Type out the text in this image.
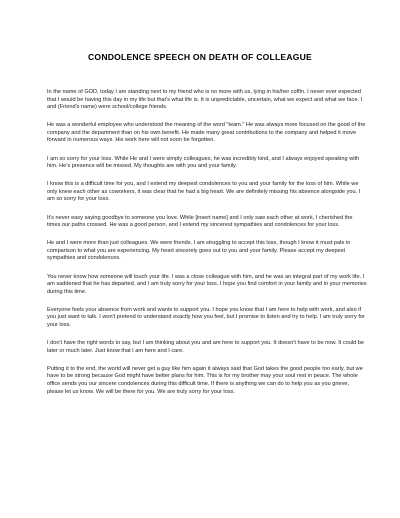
CONDOLENCE SPEECH ON DEATH OF COLLEAGUE

In the name of GOD, today I am standing next to my friend who is no more with us, lying in his/her coffin. I never ever expected that I would be having this day in my life but that's what life is. It is unpredictable, uncertain, what we expect and what we face. I and (Friend's name) were school/college friends.

He was a wonderful employee who understood the meaning of the word "team." He was always more focused on the good of the company and the department than on his own benefit. He made many great contributions to the company and helped it move forward in numerous ways. His work here will not soon be forgotten.

I am so sorry for your loss. While He and I were simply colleagues, he was incredibly kind, and I always enjoyed speaking with him. He's presence will be missed. My thoughts are with you and your family.

I know this is a difficult time for you, and I extend my deepest condolences to you and your family for the loss of him. While we only knew each other as coworkers, it was clear that he had a big heart. We are definitely missing his absence alongside you. I am so sorry for your loss.

It's never easy saying goodbye to someone you love. While [insert name] and I only saw each other at work, I cherished the times our paths crossed. He was a good person, and I extend my sincerest sympathies and condolences for your loss.

He and I were more than just colleagues. We were friends. I am struggling to accept this loss, though I know it must pale in comparison to what you are experiencing. My heart sincerely goes out to you and your family. Please accept my deepest sympathies and condolences.

You never know how someone will touch your life. I was a close colleague with him, and he was an integral part of my work life. I am saddened that he has departed, and I am truly sorry for your loss. I hope you find comfort in your family and in your memories during this time.

Everyone feels your absence from work and wants to support you. I hope you know that I am here to help with work, and also if you just want to talk. I won't pretend to understand exactly how you feel, but I promise to listen and try to help. I am truly sorry for your loss.

I don't have the right words to say, but I am thinking about you and am here to support you. It doesn't have to be now. It could be later or much later. Just know that I am here and I care.

Putting it to the end, the world will never get a guy like him again it always said that God takes the good people too early, but we have to be strong because God might have better plans for him. This is for my brother may your soul rest in peace. The whole office sends you our sincere condolences during this difficult time. If there is anything we can do to help you as you grieve, please let us know. We will be there for you. We are truly sorry for your loss.
